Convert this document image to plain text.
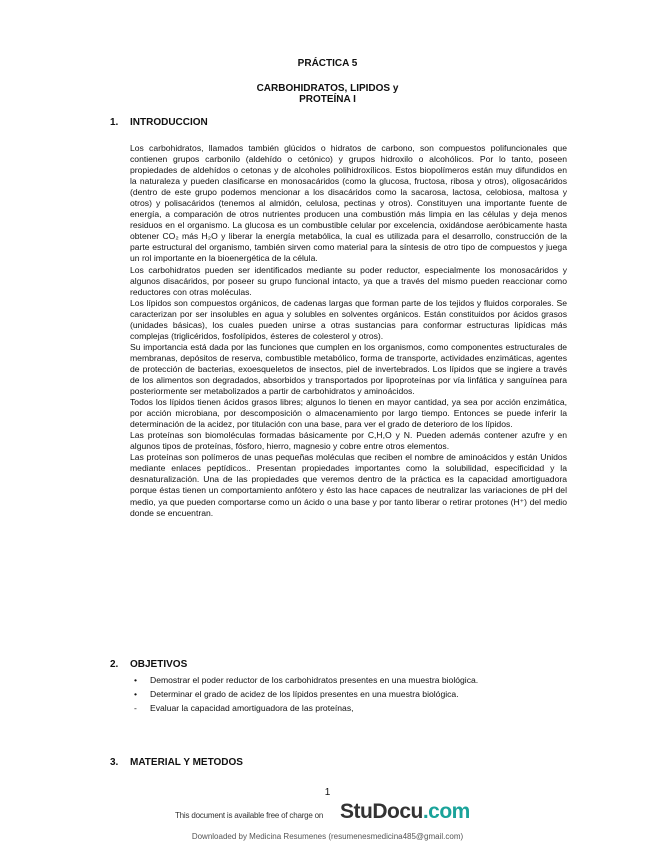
PRÁCTICA 5
CARBOHIDRATOS, LIPIDOS y
PROTEÍNA I
1. INTRODUCCION

Los carbohidratos, llamados también glúcidos o hidratos de carbono, son compuestos polifuncionales que contienen grupos carbonilo (aldehído o cetónico) y grupos hidroxilo o alcohólicos. Por lo tanto, poseen propiedades de aldehídos o cetonas y de alcoholes polihidroxílicos. Estos biopolímeros están muy difundidos en la naturaleza y pueden clasificarse en monosacáridos (como la glucosa, fructosa, ribosa y otros), oligosacáridos (dentro de este grupo podemos mencionar a los disacáridos como la sacarosa, lactosa, celobiosa, maltosa y otros) y polisacáridos (tenemos al almidón, celulosa, pectinas y otros). Constituyen una importante fuente de energía, a comparación de otros nutrientes producen una combustión más limpia en las células y deja menos residuos en el organismo. La glucosa es un combustible celular por excelencia, oxidándose aeróbicamente hasta obtener CO₂ más H₂O y liberar la energía metabólica, la cual es utilizada para el desarrollo, construcción de la parte estructural del organismo, también sirven como material para la síntesis de otro tipo de compuestos y juega un rol importante en la bioenergética de la célula.

Los carbohidratos pueden ser identificados mediante su poder reductor, especialmente los monosacáridos y algunos disacáridos, por poseer su grupo funcional intacto, ya que a través del mismo pueden reaccionar como reductores con otras moléculas.

Los lípidos son compuestos orgánicos, de cadenas largas que forman parte de los tejidos y fluidos corporales. Se caracterizan por ser insolubles en agua y solubles en solventes orgánicos. Están constituidos por ácidos grasos (unidades básicas), los cuales pueden unirse a otras sustancias para conformar estructuras lipídicas más complejas (triglicéridos, fosfolípidos, ésteres de colesterol y otros).

Su importancia está dada por las funciones que cumplen en los organismos, como componentes estructurales de membranas, depósitos de reserva, combustible metabólico, forma de transporte, actividades enzimáticas, agentes de protección de bacterias, exoesqueletos de insectos, piel de invertebrados. Los lípidos que se ingiere a través de los alimentos son degradados, absorbidos y transportados por lipoproteínas por vía linfática y sanguínea para posteriormente ser metabolizados a partir de carbohidratos y aminoácidos.

Todos los lípidos tienen ácidos grasos libres; algunos lo tienen en mayor cantidad, ya sea por acción enzimática, por acción microbiana, por descomposición o almacenamiento por largo tiempo. Entonces se puede inferir la determinación de la acidez, por titulación con una base, para ver el grado de deterioro de los lípidos.

Las proteínas son biomoléculas formadas básicamente por C,H,O y N. Pueden además contener azufre y en algunos tipos de proteínas, fósforo, hierro, magnesio y cobre entre otros elementos.

Las proteínas son polímeros de unas pequeñas moléculas que reciben el nombre de aminoácidos y están Unidos mediante enlaces peptídicos.. Presentan propiedades importantes como la solubilidad, especificidad y la desnaturalización. Una de las propiedades que veremos dentro de la práctica es la capacidad amortiguadora porque éstas tienen un comportamiento anfótero y ésto las hace capaces de neutralizar las variaciones de pH del medio, ya que pueden comportarse como un ácido o una base y por tanto liberar o retirar protones (H⁺) del medio donde se encuentran.

2. OBJETIVOS
•	Demostrar el poder reductor de los carbohidratos presentes en una muestra biológica.
•	Determinar el grado de acidez de los lípidos presentes en una muestra biológica.
-	Evaluar la capacidad amortiguadora de las proteínas,
3. MATERIAL Y METODOS
1
This document is available free of charge on StuDocu.com
Downloaded by Medicina Resumenes (resumenesmedicina485@gmail.com)
